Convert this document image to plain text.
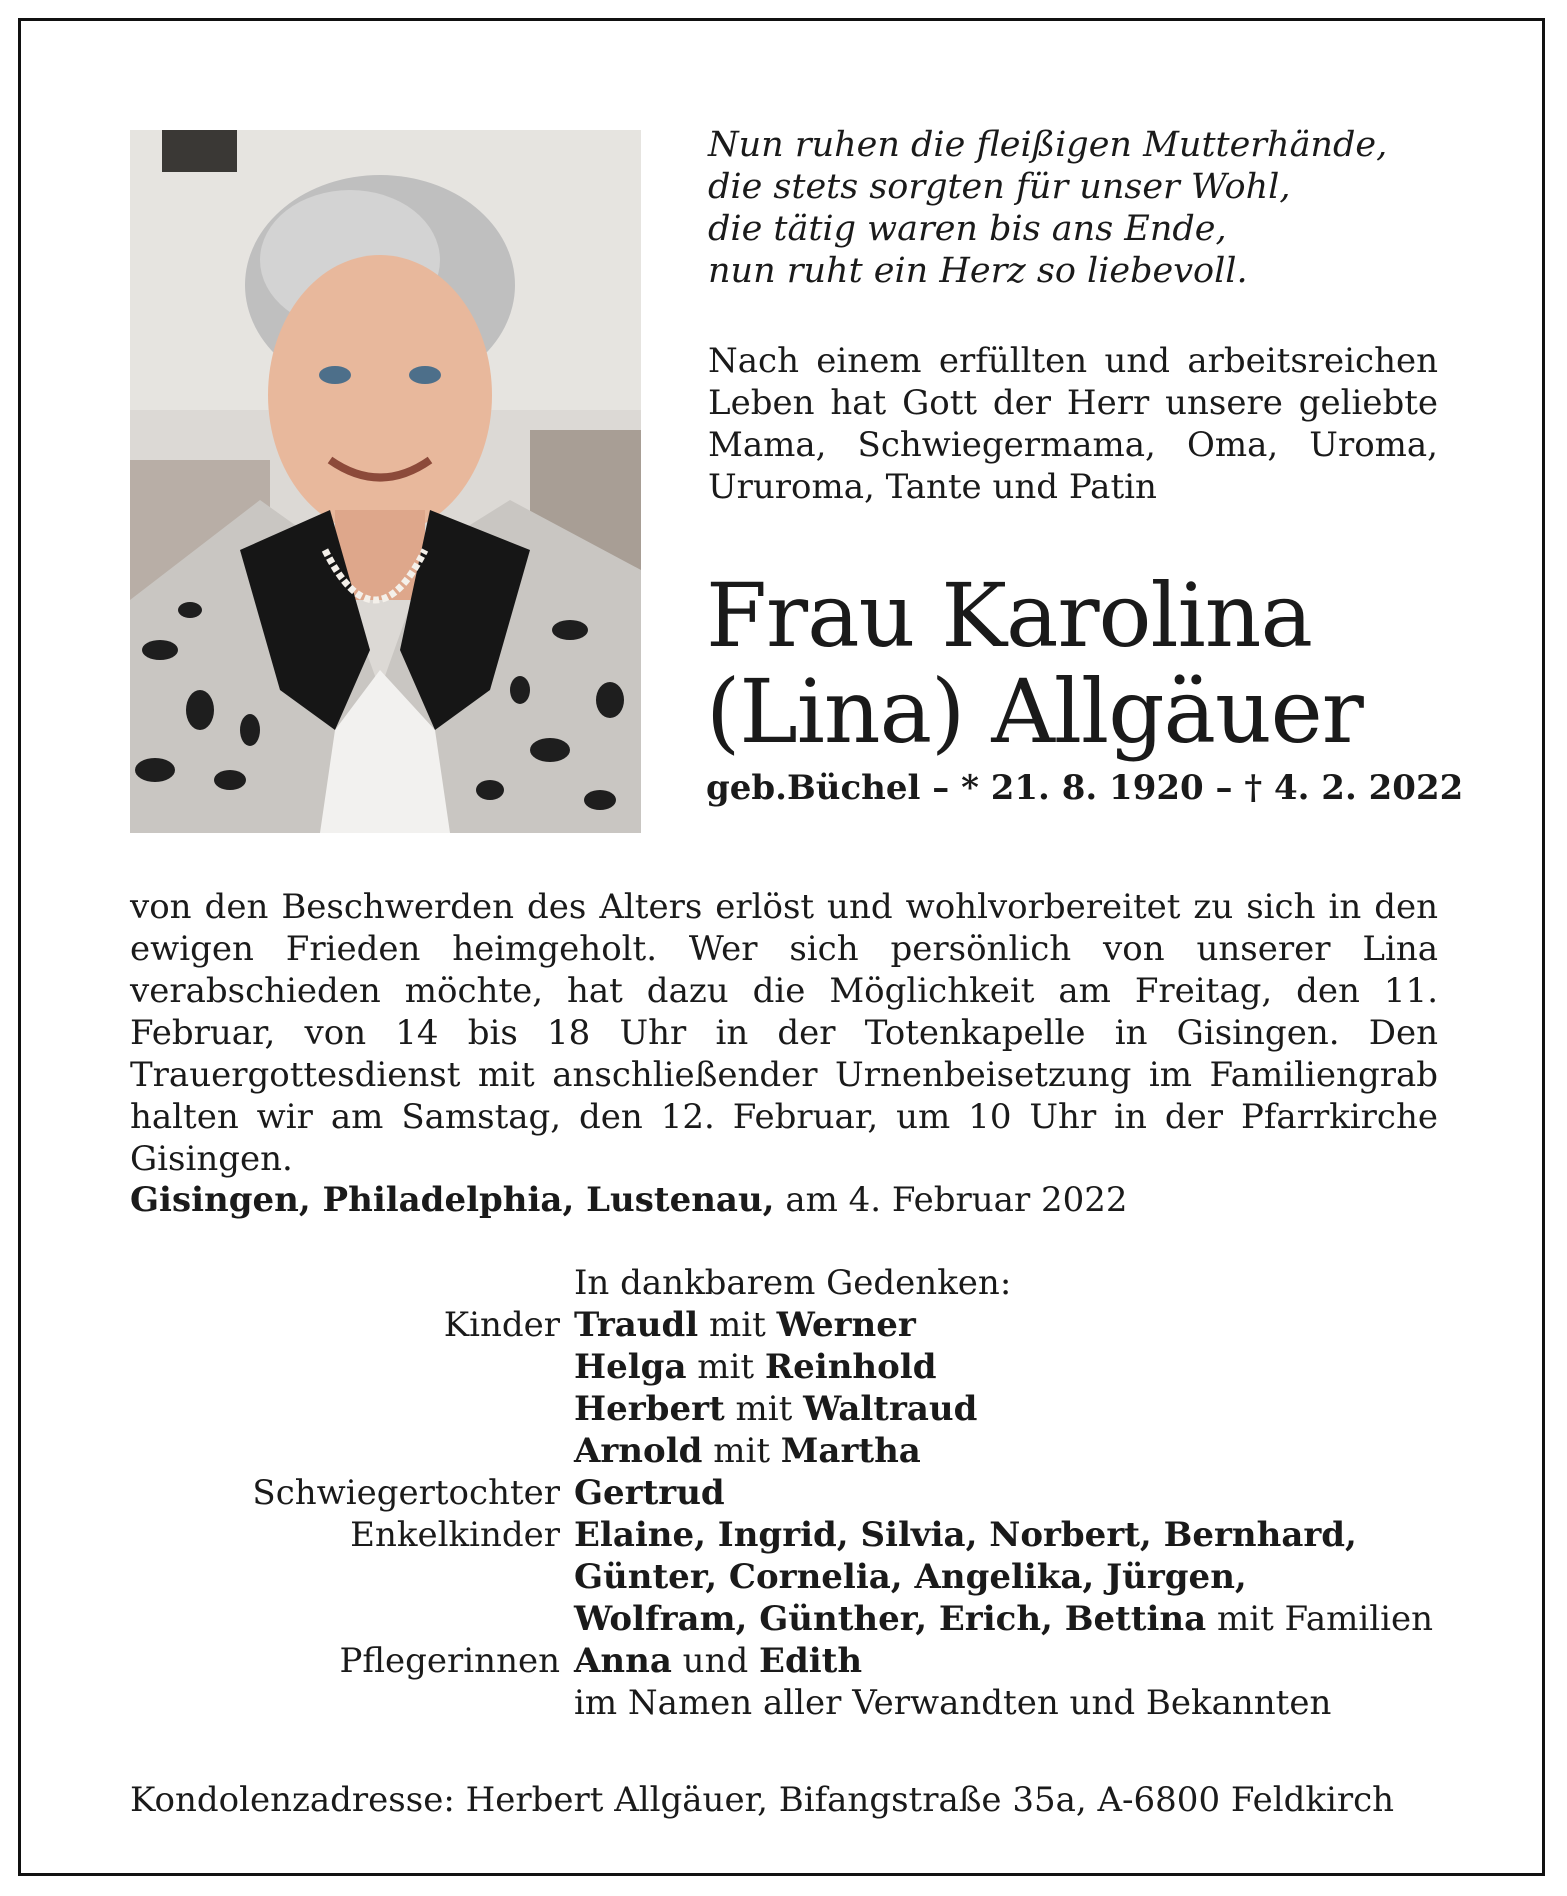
Nun ruhen die fleißigen Mutterhände,
die stets sorgten für unser Wohl,
die tätig waren bis ans Ende,
nun ruht ein Herz so liebevoll.
Nach einem erfüllten und arbeitsreichen Leben hat Gott der Herr unsere geliebte Mama, Schwiegermama, Oma, Uroma, Ururoma, Tante und Patin
Frau Karolina
(Lina) Allgäuer
geb.Büchel – * 21. 8. 1920 – † 4. 2. 2022
von den Beschwerden des Alters erlöst und wohlvorbereitet zu sich in den ewigen Frieden heimgeholt. Wer sich persönlich von unserer Lina verabschieden möchte, hat dazu die Möglichkeit am Freitag, den 11. Februar, von 14 bis 18 Uhr in der Totenkapelle in Gisingen. Den Trauergottesdienst mit anschließender Urnenbeisetzung im Familiengrab halten wir am Samstag, den 12. Februar, um 10 Uhr in der Pfarrkirche Gisingen.
Gisingen, Philadelphia, Lustenau, am 4. Februar 2022
In dankbarem Gedenken:
Kinder Traudl mit Werner
Helga mit Reinhold
Herbert mit Waltraud
Arnold mit Martha
Schwiegertochter Gertrud
Enkelkinder Elaine, Ingrid, Silvia, Norbert, Bernhard,
Günter, Cornelia, Angelika, Jürgen,
Wolfram, Günther, Erich, Bettina mit Familien
Pflegerinnen Anna und Edith
im Namen aller Verwandten und Bekannten
Kondolenzadresse: Herbert Allgäuer, Bifangstraße 35a, A-6800 Feldkirch
